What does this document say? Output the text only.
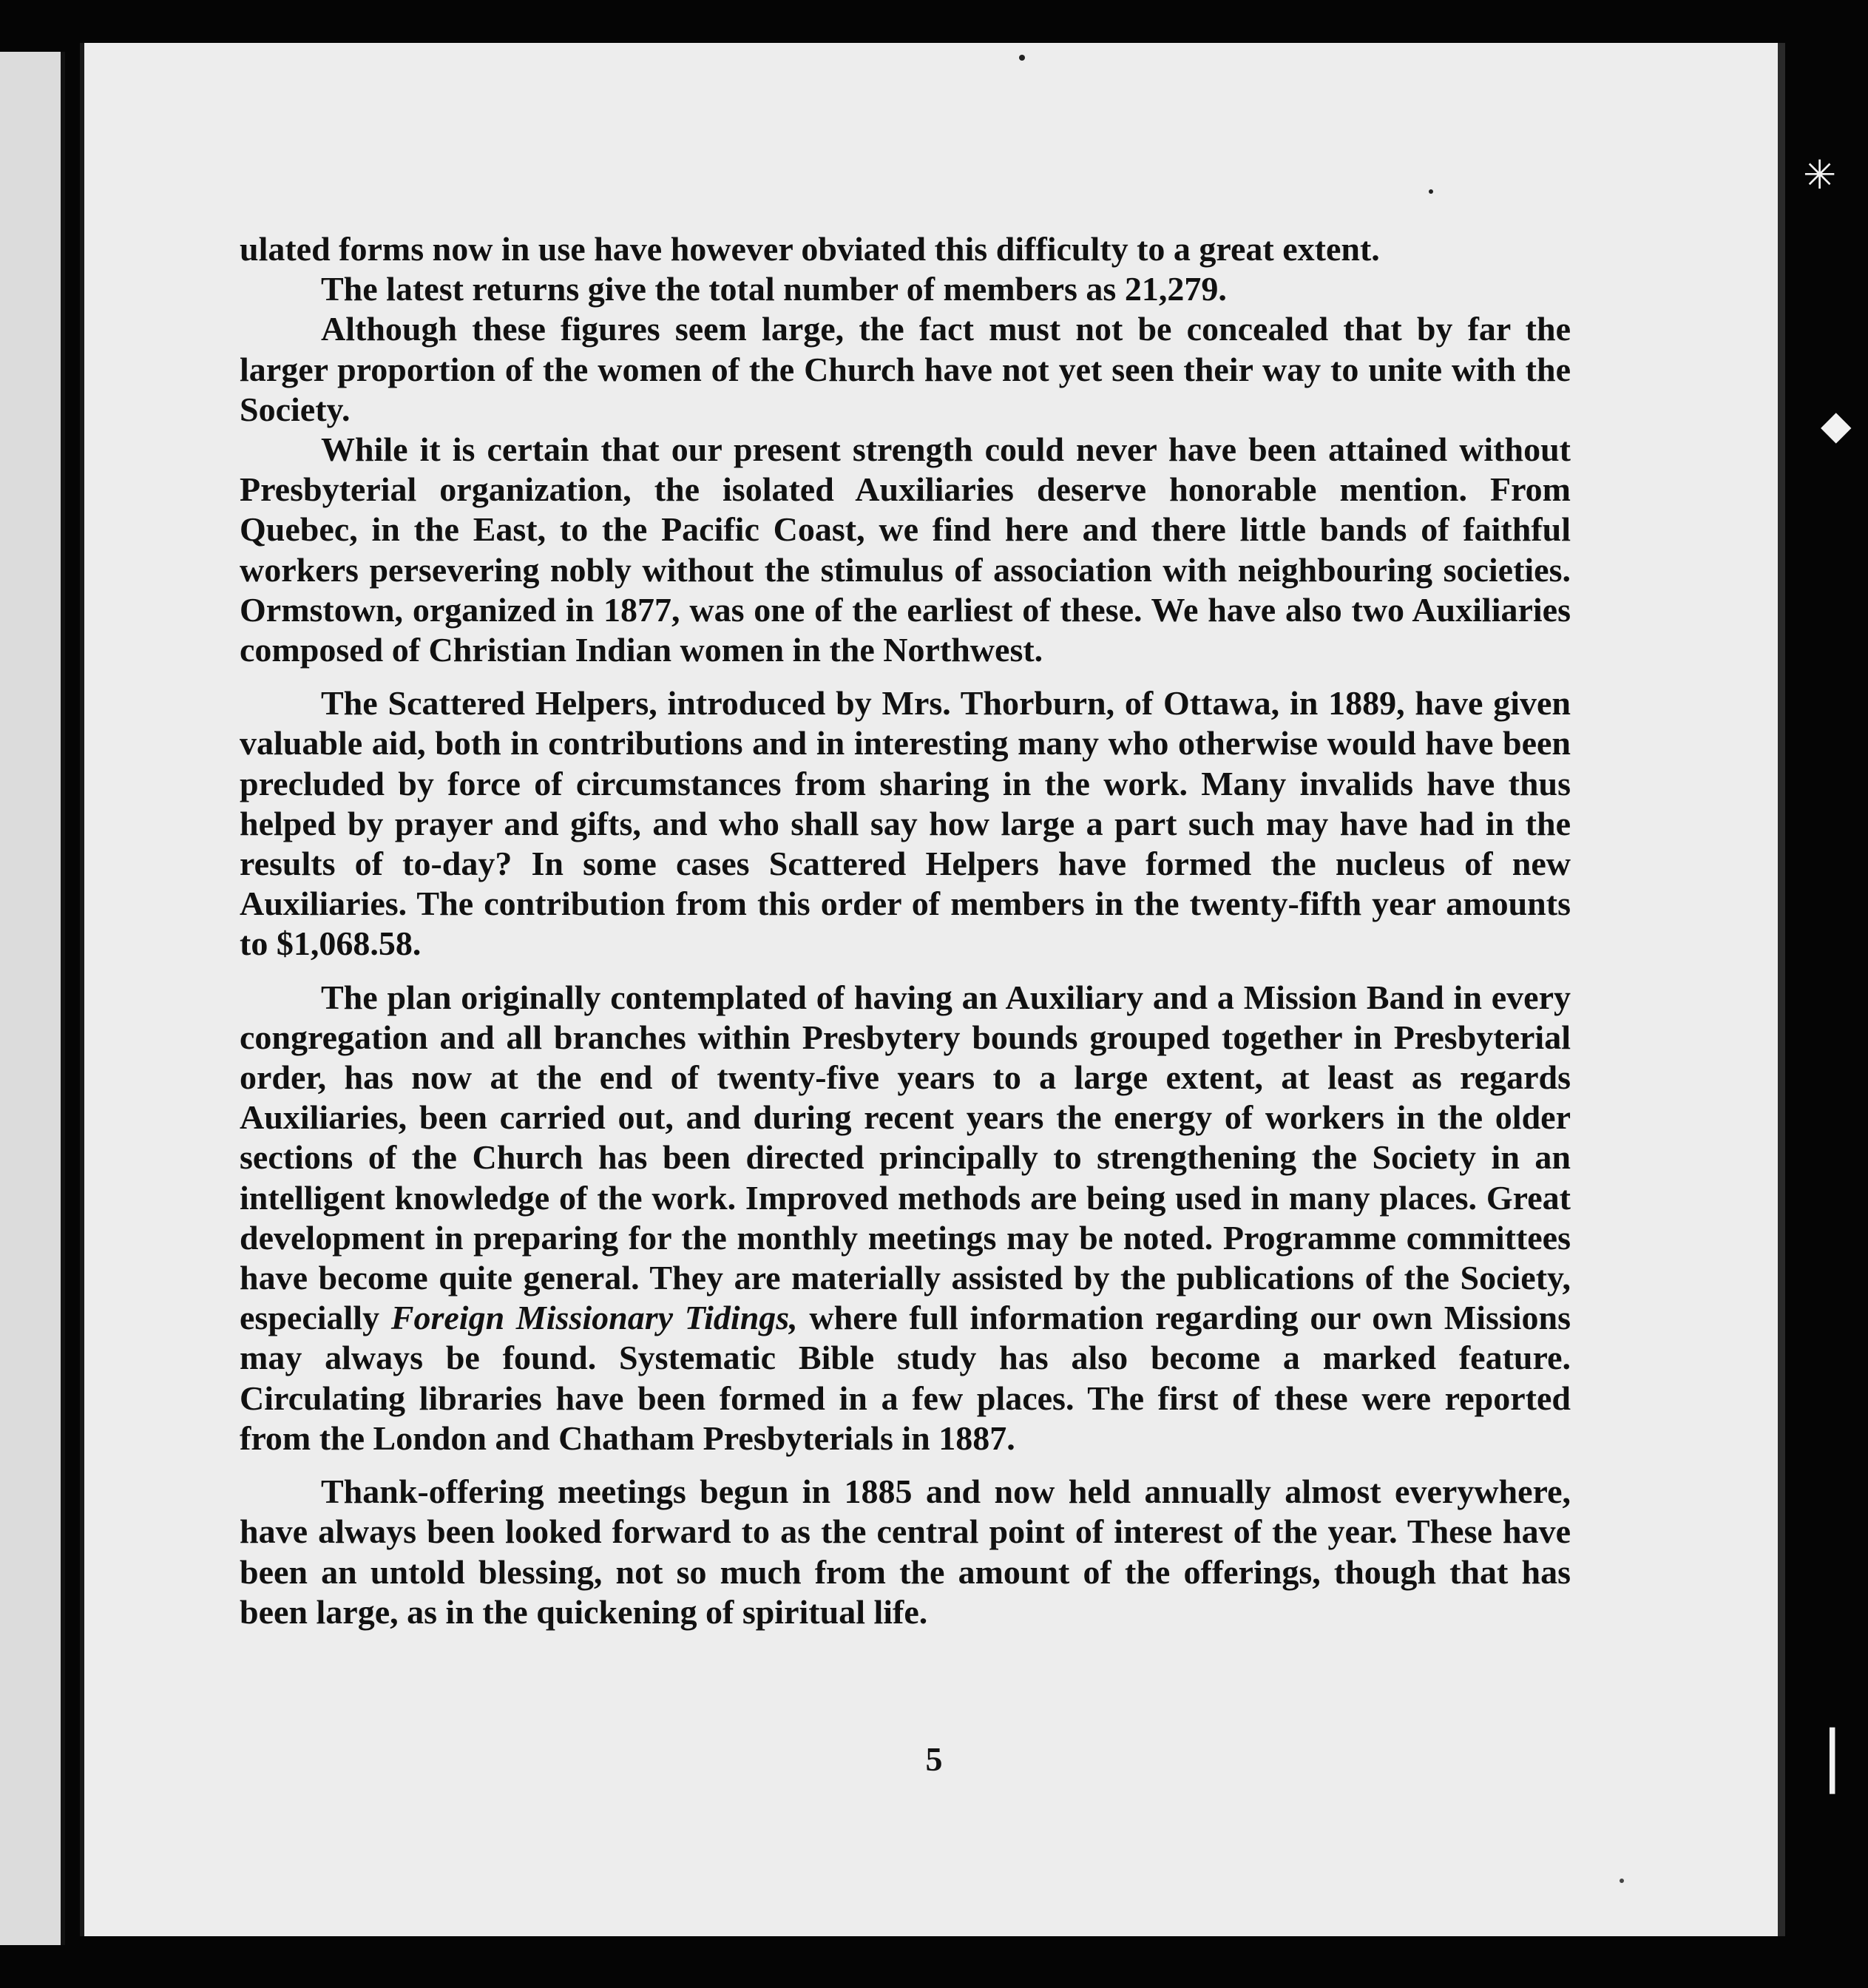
✳
◆
❘

ulated forms now in use have however obviated this difficulty to a great extent.

The latest returns give the total number of members as 21,279.

Although these figures seem large, the fact must not be concealed that by far the larger proportion of the women of the Church have not yet seen their way to unite with the Society.

While it is certain that our present strength could never have been attained without Presbyterial organization, the isolated Auxiliaries deserve honorable mention. From Quebec, in the East, to the Pacific Coast, we find here and there little bands of faithful workers persevering nobly without the stimulus of association with neighbouring societies. Ormstown, organized in 1877, was one of the earliest of these. We have also two Auxiliaries composed of Christian Indian women in the Northwest.

The Scattered Helpers, introduced by Mrs. Thorburn, of Ottawa, in 1889, have given valuable aid, both in contributions and in interesting many who otherwise would have been precluded by force of circumstances from sharing in the work. Many invalids have thus helped by prayer and gifts, and who shall say how large a part such may have had in the results of to-day? In some cases Scattered Helpers have formed the nucleus of new Auxiliaries. The contribution from this order of members in the twenty-fifth year amounts to $1,068.58.

The plan originally contemplated of having an Auxiliary and a Mission Band in every congregation and all branches within Presbytery bounds grouped together in Presbyterial order, has now at the end of twenty-five years to a large extent, at least as regards Auxiliaries, been carried out, and during recent years the energy of workers in the older sections of the Church has been directed principally to strengthening the Society in an intelligent knowledge of the work. Improved methods are being used in many places. Great development in preparing for the monthly meetings may be noted. Programme committees have become quite general. They are materially assisted by the publications of the Society, especially Foreign Missionary Tidings, where full information regarding our own Missions may always be found. Systematic Bible study has also become a marked feature. Circulating libraries have been formed in a few places. The first of these were reported from the London and Chatham Presbyterials in 1887.

Thank-offering meetings begun in 1885 and now held annually almost everywhere, have always been looked forward to as the central point of interest of the year. These have been an untold blessing, not so much from the amount of the offerings, though that has been large, as in the quickening of spiritual life.

5
